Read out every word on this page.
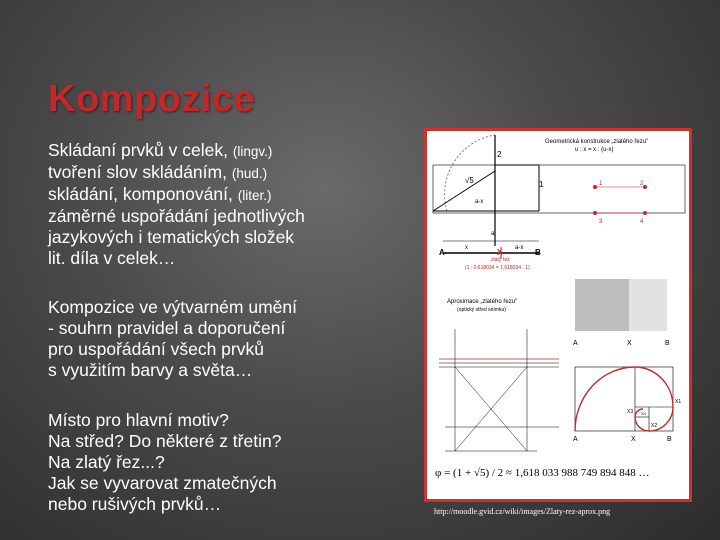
Kompozice
Skládaní prvků v celek, (lingv.)
tvoření slov skládáním, (hud.)
skládání, komponování, (liter.)
záměrné uspořádání jednotlivých
jazykových i tematických složek
lit. díla v celek…
Kompozice ve výtvarném umění
- souhrn pravidel a doporučení
pro uspořádání všech prvků
s využitím barvy a světa…
Místo pro hlavní motiv?
Na střed? Do některé z třetin?
Na zlatý řez...?
Jak se vyvarovat zmatečných
nebo rušivých prvků…
Geometrická konstrukce „zlatého řezu"
u : x = x : (u-x)
2
√5	1
a-x
1	2
3	4
a
x	a-x
A	X	B
zlatý řez
(1 : 0,618034 = 1,618034 : 1)
Aproximace „zlatého řezu"
(optický střed snímku)
A	X	B
A	X	B
X1
X2
X3 X4
φ = (1 + √5) / 2 ≈ 1,618 033 988 749 894 848 …
http://moodle.gvid.cz/wiki/images/Zlaty-rez-aprox.png
